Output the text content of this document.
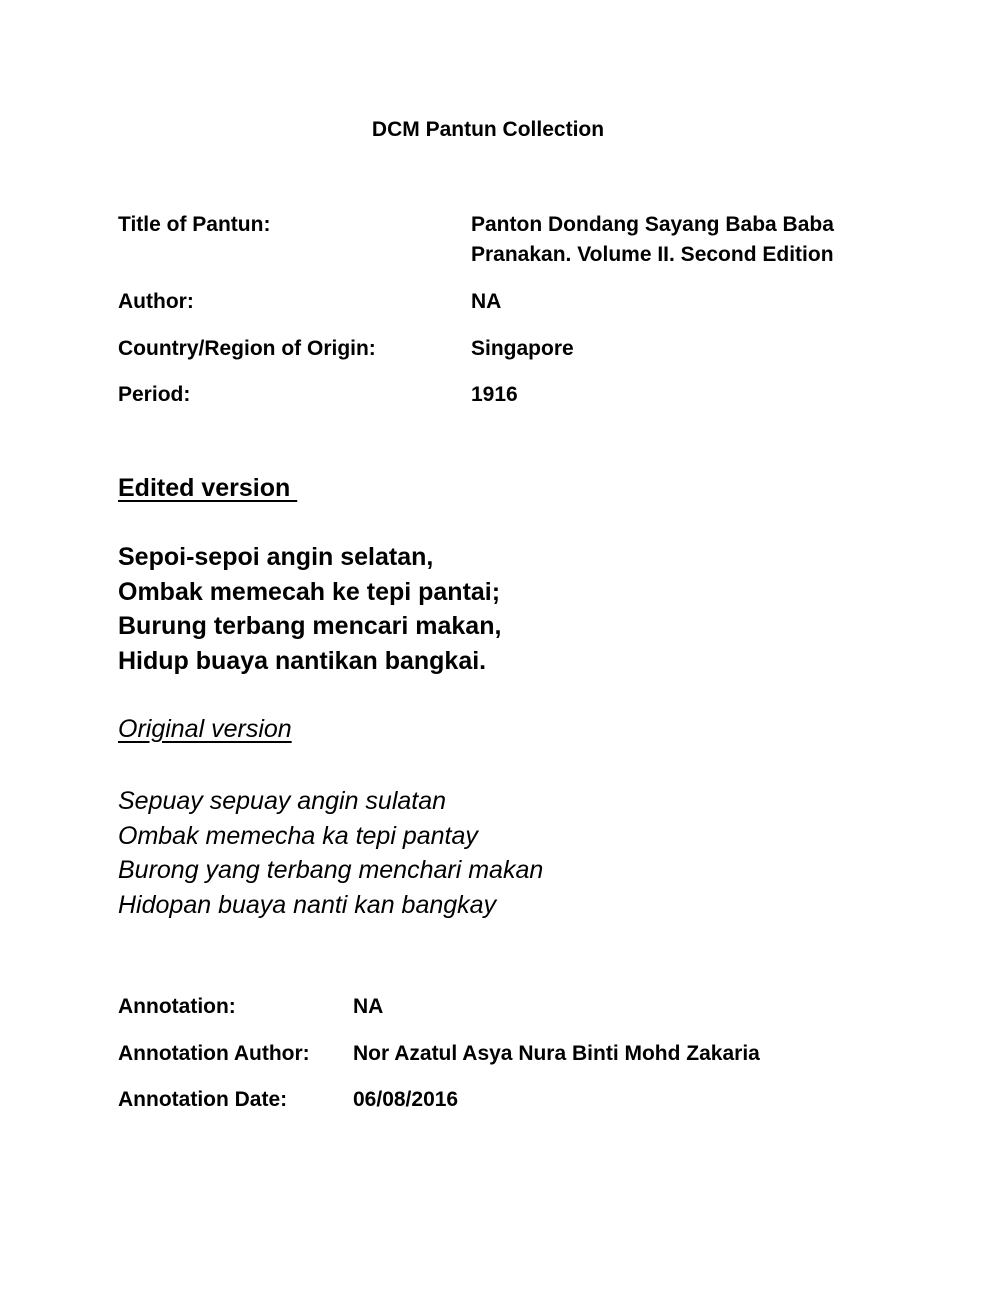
DCM Pantun Collection
Title of Pantun:	Panton Dondang Sayang Baba Baba Pranakan. Volume II. Second Edition
Author:	NA
Country/Region of Origin:	Singapore
Period:	1916
Edited version
Sepoi-sepoi angin selatan,
Ombak memecah ke tepi pantai;
Burung terbang mencari makan,
Hidup buaya nantikan bangkai.
Original version
Sepuay sepuay angin sulatan
Ombak memecha ka tepi pantay
Burong yang terbang menchari makan
Hidopan buaya nanti kan bangkay
Annotation:	NA
Annotation Author: Nor Azatul Asya Nura Binti Mohd Zakaria
Annotation Date:	06/08/2016
